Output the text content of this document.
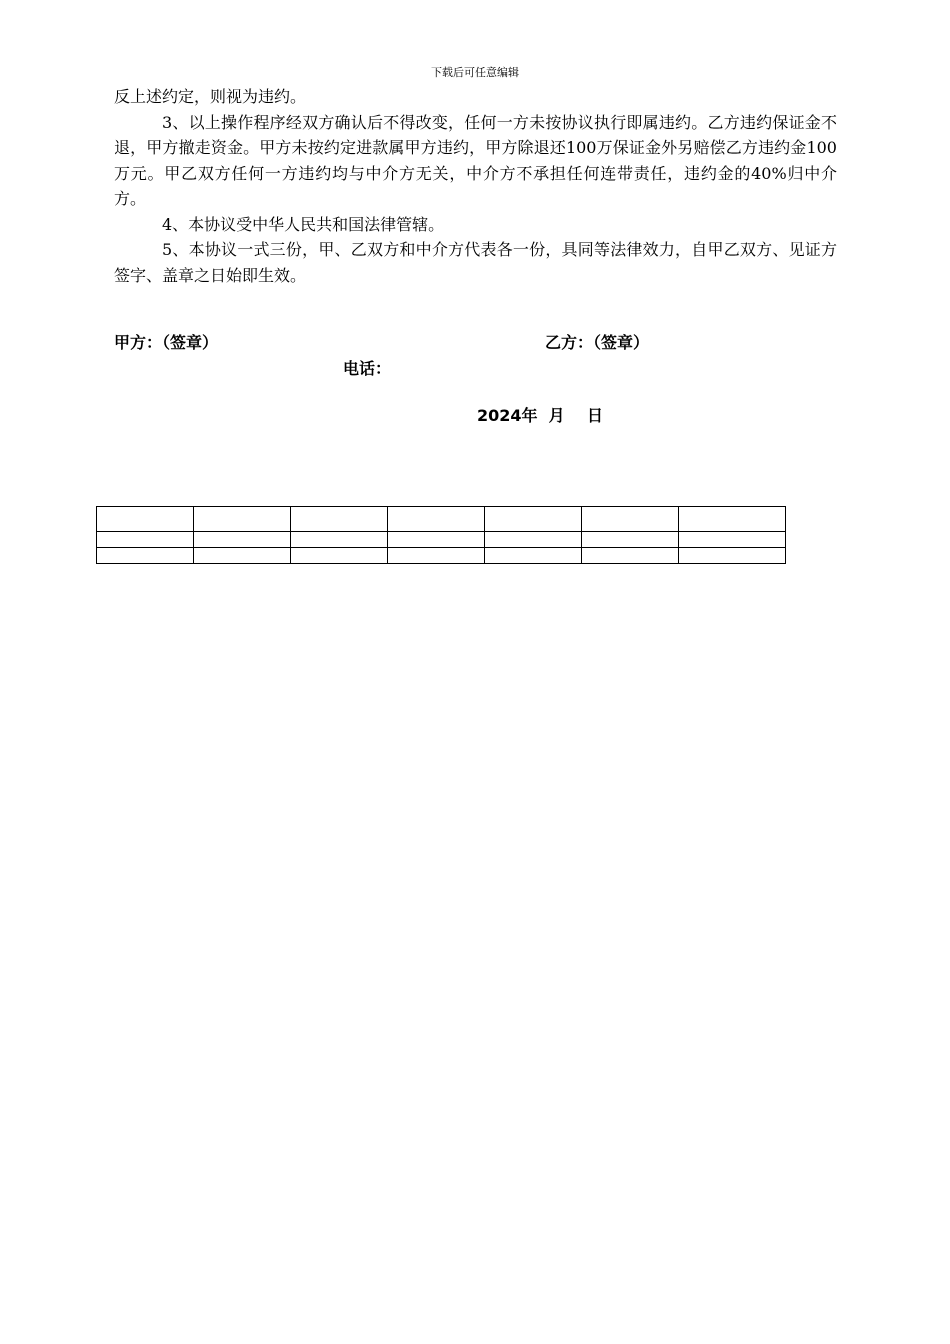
下载后可任意编辑

反上述约定，则视为违约。

3、以上操作程序经双方确认后不得改变，任何一方未按协议执行即属违约。乙方违约保证金不退，甲方撤走资金。甲方未按约定进款属甲方违约，甲方除退还100万保证金外另赔偿乙方违约金100万元。甲乙双方任何一方违约均与中介方无关，中介方不承担任何连带责任，违约金的40%归中介方。

4、本协议受中华人民共和国法律管辖。

5、本协议一式三份，甲、乙双方和中介方代表各一份，具同等法律效力，自甲乙双方、见证方签字、盖章之日始即生效。

甲方：（签章）	乙方：（签章）
电话：
2024年  月    日
